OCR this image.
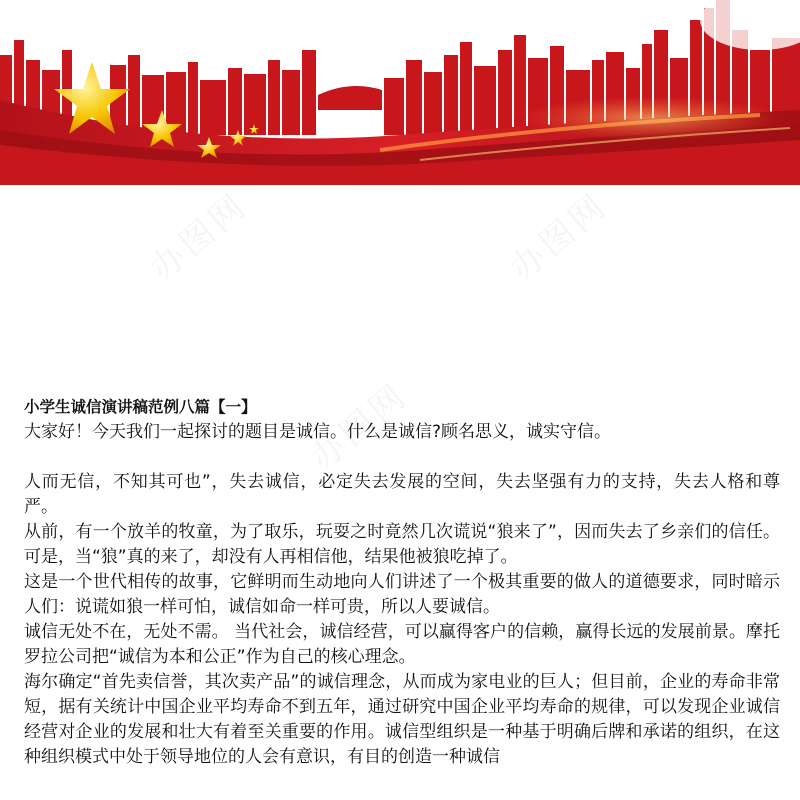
小学生诚信演讲稿范例八篇【一】

大家好！今天我们一起探讨的题目是诚信。什么是诚信?顾名思义，诚实守信。

人而无信，不知其可也”，失去诚信，必定失去发展的空间，失去坚强有力的支持，失去人格和尊严。

从前，有一个放羊的牧童，为了取乐，玩耍之时竟然几次谎说“狼来了”，因而失去了乡亲们的信任。可是，当“狼”真的来了，却没有人再相信他，结果他被狼吃掉了。

这是一个世代相传的故事，它鲜明而生动地向人们讲述了一个极其重要的做人的道德要求，同时暗示人们：说谎如狼一样可怕，诚信如命一样可贵，所以人要诚信。

诚信无处不在，无处不需。 当代社会，诚信经营，可以赢得客户的信赖，赢得长远的发展前景。摩托罗拉公司把“诚信为本和公正”作为自己的核心理念。

海尔确定“首先卖信誉，其次卖产品”的诚信理念，从而成为家电业的巨人；但目前，企业的寿命非常短，据有关统计中国企业平均寿命不到五年，通过研究中国企业平均寿命的规律，可以发现企业诚信经营对企业的发展和壮大有着至关重要的作用。诚信型组织是一种基于明确后牌和承诺的组织，在这种组织模式中处于领导地位的人会有意识，有目的创造一种诚信
